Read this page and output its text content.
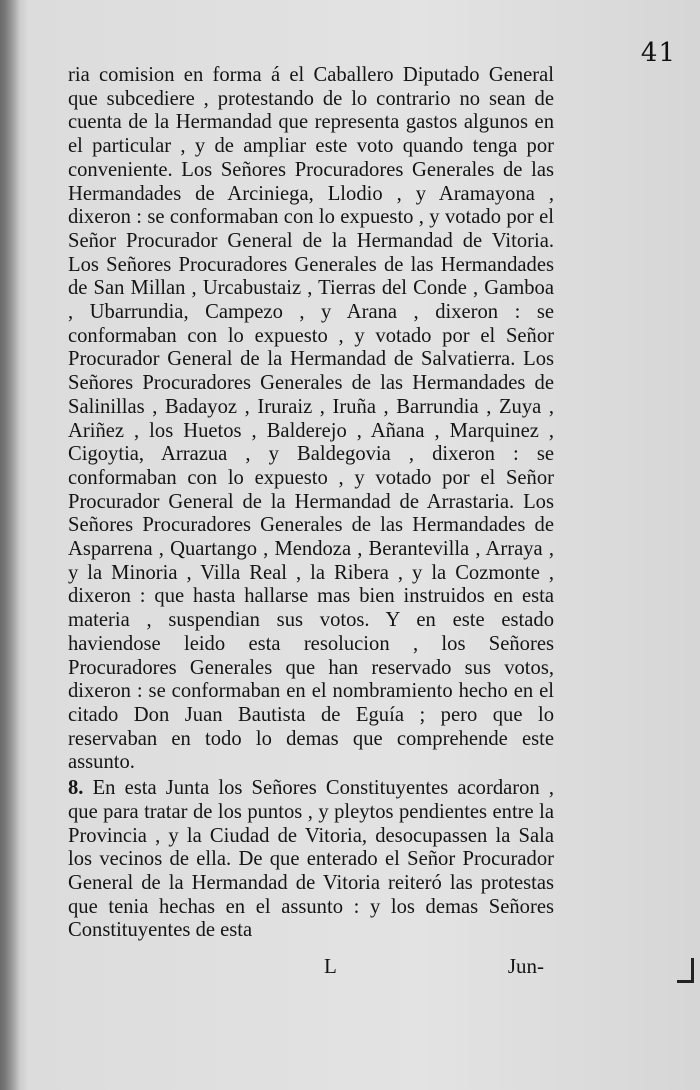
41

ria comision en forma á el Caballero Diputado General que subcediere , protestando de lo contrario no sean de cuenta de la Hermandad que representa gastos algunos en el particular , y de ampliar este voto quando tenga por conveniente. Los Señores Procuradores Generales de las Hermandades de Arciniega, Llodio , y Aramayona , dixeron : se conformaban con lo expuesto , y votado por el Señor Procurador General de la Hermandad de Vitoria. Los Señores Procuradores Generales de las Hermandades de San Millan , Urcabustaiz , Tierras del Conde , Gamboa , Ubarrundia, Campezo , y Arana , dixeron : se conformaban con lo expuesto , y votado por el Señor Procurador General de la Hermandad de Salvatierra. Los Señores Procuradores Generales de las Hermandades de Salinillas , Badayoz , Iruraiz , Iruña , Barrundia , Zuya , Ariñez , los Huetos , Balderejo , Añana , Marquinez , Cigoytia, Arrazua , y Baldegovia , dixeron : se conformaban con lo expuesto , y votado por el Señor Procurador General de la Hermandad de Arrastaria. Los Señores Procuradores Generales de las Hermandades de Asparrena , Quartango , Mendoza , Berantevilla , Arraya , y la Minoria , Villa Real , la Ribera , y la Cozmonte , dixeron : que hasta hallarse mas bien instruidos en esta materia , suspendian sus votos. Y en este estado haviendose leido esta resolucion , los Señores Procuradores Generales que han reservado sus votos, dixeron : se conformaban en el nombramiento hecho en el citado Don Juan Bautista de Eguía ; pero que lo reservaban en todo lo demas que comprehende este assunto.

8. En esta Junta los Señores Constituyentes acordaron , que para tratar de los puntos , y pleytos pendientes entre la Provincia , y la Ciudad de Vitoria, desocupassen la Sala los vecinos de ella. De que enterado el Señor Procurador General de la Hermandad de Vitoria reiteró las protestas que tenia hechas en el assunto : y los demas Señores Constituyentes de esta

L	Jun-
